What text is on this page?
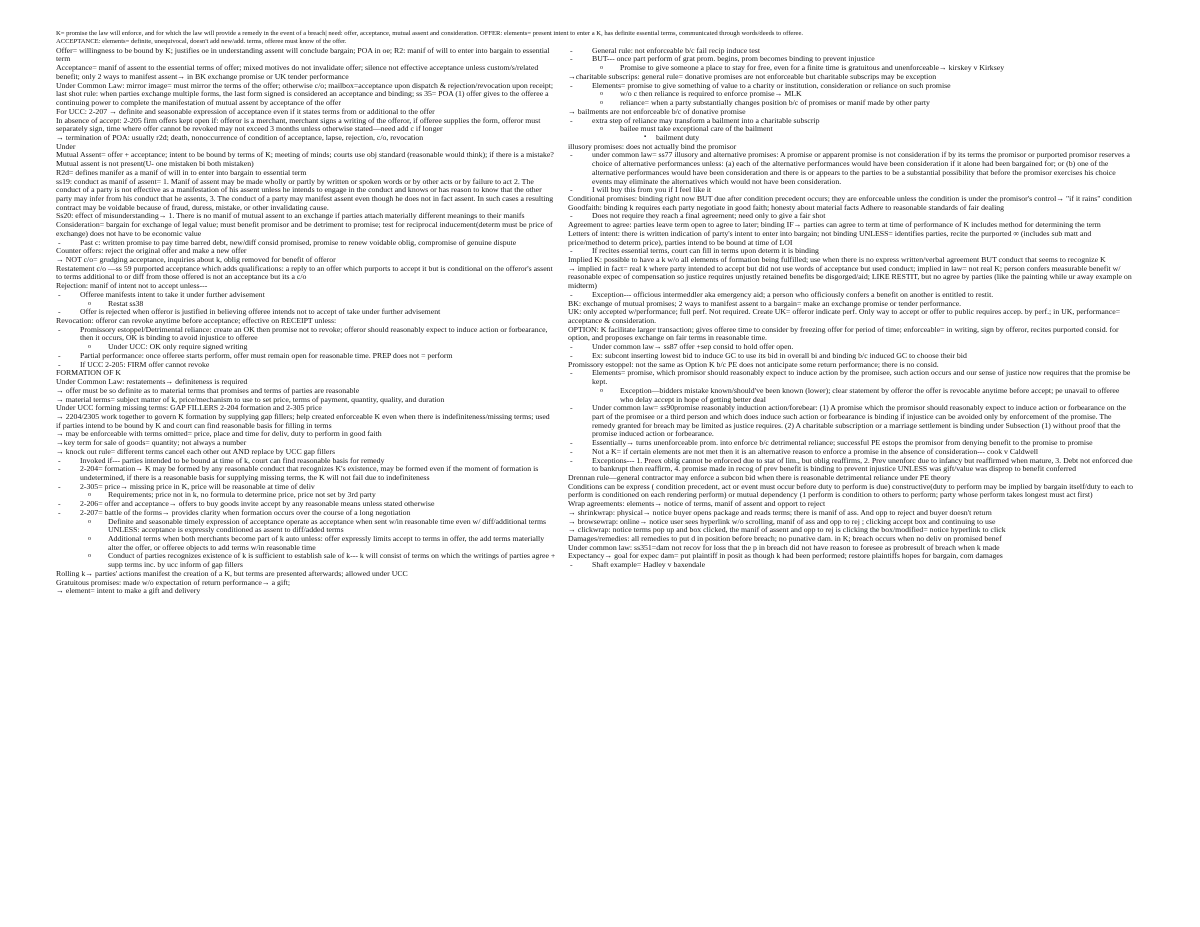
K= promise the law will enforce, and for which the law will provide a remedy in the event of a breach| need: offer, acceptance, mutual assent and consideration. OFFER: elements= present intent to enter a K, has definite essential terms, communicated through words/deeds to offeree.

ACCEPTANCE: elements= definite, unequivocal, doesn't add new/add. terms, offeree must know of the offer.

Offer= willingness to be bound by K; justifies oe in understanding assent will conclude bargain; POA in oe; R2: manif of will to enter into bargain to essential term

Acceptance= manif of assent to the essential terms of offer; mixed motives do not invalidate offer; silence not effective acceptance unless custom/s/related benefit; only 2 ways to manifest assent→ in BK exchange promise or UK tender performance

Under Common Law: mirror image= must mirror the terms of the offer; otherwise c/o; mailbox=acceptance upon dispatch & rejection/revocation upon receipt; last shot rule: when parties exchange multiple forms, the last form signed is considered an acceptance and binding; ss 35= POA (1) offer gives to the offeree a continuing power to complete the manifestation of mutual assent by acceptance of the offer

For UCC: 2-207 → definite and seasonable expression of acceptance even if it states terms from or additional to the offer

In absence of accept: 2-205 firm offers kept open if: offeror is a merchant, merchant signs a writing of the offeror, if offeree supplies the form, offeror must separately sign, time where offer cannot be revoked may not exceed 3 months unless otherwise stated—need add c if longer

→ termination of POA: usually r2d; death, nonoccurrence of condition of acceptance, lapse, rejection, c/o, revocation

Under

Mutual Assent= offer + acceptance; intent to be bound by terms of K; meeting of minds; courts use obj standard (reasonable would think); if there is a mistake? Mutual assent is not present(U- one mistaken bi both mistaken)

R2d= defines manifer as a manif of will in to enter into bargain to essential term

ss19: conduct as manif of assent= 1. Manif of assent may be made wholly or partly by written or spoken words or by other acts or by failure to act 2. The conduct of a party is not effective as a manifestation of his assent unless he intends to engage in the conduct and knows or has reason to know that the other party may infer from his conduct that he assents, 3. The conduct of a party may manifest assent even though he does not in fact assent. In such cases a resulting contract may be voidable because of fraud, duress, mistake, or other invalidating cause.

Ss20: effect of misunderstanding→ 1. There is no manif of mutual assent to an exchange if parties attach materially different meanings to their manifs

Consideration= bargain for exchange of legal value; must benefit promisor and be detriment to promise; test for reciprocal inducement(determ must be price of exchange) does not have to be economic value

- Past c: written promise to pay time barred debt, new/diff consid promised, promise to renew voidable oblig, compromise of genuine dispute

Counter offers: reject the original offer and make a new offer

→ NOT c/o= grudging acceptance, inquiries about k, oblig removed for benefit of offeror

Restatement c/o —ss 59 purported acceptance which adds qualifications: a reply to an offer which purports to accept it but is conditional on the offeror's assent to terms additional to or diff from those offered is not an acceptance but its a c/o

Rejection: manif of intent not to accept unless---

- Offeree manifests intent to take it under further advisement

o Restat ss38

- Offer is rejected when offeror is justified in believing offeree intends not to accept of take under further advisement

Revocation: offeror can revoke anytime before acceptance; effective on RECEIPT unless:

- Promissory estoppel/Detrimental reliance: create an OK then promise not to revoke; offeror should reasonably expect to induce action or forbearance, then it occurs, OK is binding to avoid injustice to offeree

o Under UCC: OK only require signed writing

- Partial performance: once offeree starts perform, offer must remain open for reasonable time. PREP does not = perform

- If UCC 2-205: FIRM offer cannot revoke

FORMATION OF K

Under Common Law: restatements→ definiteness is required

→ offer must be so definite as to material terms that promises and terms of parties are reasonable

→ material terms= subject matter of k, price/mechanism to use to set price, terms of payment, quantity, quality, and duration

Under UCC forming missing terms: GAP FILLERS 2-204 formation and 2-305 price

→ 2204/2305 work together to govern K formation by supplying gap fillers; help created enforceable K even when there is indefiniteness/missing terms; used if parties intend to be bound by K and court can find reasonable basis for filling in terms

→ may be enforceable with terms omitted= price, place and time for deliv, duty to perform in good faith

→key term for sale of goods= quantity; not always a number

→ knock out rule= different terms cancel each other out AND replace by UCC gap fillers

- Invoked if--- parties intended to be bound at time of k, court can find reasonable basis for remedy

- 2-204= formation→ K may be formed by any reasonable conduct that recognizes K's existence, may be formed even if the moment of formation is undetermined, if there is a reasonable basis for supplying missing terms, the K will not fail due to indefiniteness

- 2-305= price→ missing price in K, price will be reasonable at time of deliv

o Requirements; price not in k, no formula to determine price, price not set by 3rd party

- 2-206= offer and acceptance→ offers to buy goods invite accept by any reasonable means unless stated otherwise

- 2-207= battle of the forms→ provides clarity when formation occurs over the course of a long negotiation

o Definite and seasonable timely expression of acceptance operate as acceptance when sent w/in reasonable time even w/ diff/additional terms UNLESS: acceptance is expressly conditioned as assent to diff/added terms

o Additional terms when both merchants become part of k auto unless: offer expressly limits accept to terms in offer, the add terms materially alter the offer, or offeree objects to add terms w/in reasonable time

o Conduct of parties recognizes existence of k is sufficient to establish sale of k--- k will consist of terms on which the writings of parties agree + supp terms inc. by ucc inform of gap fillers

Rolling k→ parties' actions manifest the creation of a K, but terms are presented afterwards; allowed under UCC

Gratuitous promises: made w/o expectation of return performance→ a gift;

→ element= intent to make a gift and delivery

- General rule: not enforceable b/c fail recip induce test

- BUT--- once part perform of grat prom. begins, prom becomes binding to prevent injustice

o Promise to give someone a place to stay for free, even for a finite time is gratuitous and unenforceable→ kirskey v Kirksey

→charitable subscrips: general rule= donative promises are not enforceable but charitable subscrips may be exception

- Elements= promise to give something of value to a charity or institution, consideration or reliance on such promise

o w/o c then reliance is required to enforce promise→ MLK

o reliance= when a party substantially changes position b/c of promises or manif made by other party

→ bailments are not enforceable b/c of donative promise

- extra step of reliance may transform a bailment into a charitable subscrip

o bailee must take exceptional care of the bailment

▪ bailment duty

illusory promises: does not actually bind the promisor

- under common law= ss77 illusory and alternative promises: A promise or apparent promise is not consideration if by its terms the promisor or purported promisor reserves a choice of alternative performances unless: (a) each of the alternative performances would have been consideration if it alone had been bargained for; or (b) one of the alternative performances would have been consideration and there is or appears to the parties to be a substantial possibility that before the promisor exercises his choice events may eliminate the alternatives which would not have been consideration.

- I will buy this from you if I feel like it

Conditional promises: binding right now BUT due after condition precedent occurs; they are enforceable unless the condition is under the promisor's control→ "if it rains" condition

Goodfaith: binding k requires each party negotiate in good faith; honesty about material facts Adhere to reasonable standards of fair dealing

- Does not require they reach a final agreement; need only to give a fair shot

Agreement to agree: parties leave term open to agree to later; binding IF→ parties can agree to term at time of performance of K includes method for determining the term

Letters of intent: there is written indication of party's intent to enter into bargain; not binding UNLESS= identifies parties, recite the purported ∞ (includes sub matt and price/method to determ price), parties intend to be bound at time of LOI

- If recites essential terms, court can fill in terms upon determ it is binding

Implied K: possible to have a k w/o all elements of formation being fulfilled; use when there is no express written/verbal agreement BUT conduct that seems to recognize K

→ implied in fact= real k where party intended to accept but did not use words of acceptance but used conduct; implied in law= not real K; person confers measurable benefit w/ reasonable expec of compensation so justice requires unjustly retained benefits be disgorged/aid; LIKE RESTIT, but no agree by parties (like the painting while ur away example on midterm)

- Exception--- officious intermeddler aka emergency aid; a person who officiously confers a benefit on another is entitled to restit.

BK: exchange of mutual promises; 2 ways to manifest assent to a bargain= make an exchange promise or tender performance.

UK: only accepted w/performance; full perf. Not required. Create UK= offeror indicate perf. Only way to accept or offer to public requires accep. by perf.; in UK, performance= acceptance & consideration.

OPTION: K facilitate larger transaction; gives offeree time to consider by freezing offer for period of time; enforceable= in writing, sign by offeror, recites purported consid. for option, and proposes exchange on fair terms in reasonable time.

- Under common law→ ss87 offer +sep consid to hold offer open.

- Ex: subcont inserting lowest bid to induce GC to use its bid in overall bi and binding b/c induced GC to choose their bid

Promissory estoppel: not the same as Option K b/c PE does not anticipate some return performance; there is no consid.

- Elements= promise, which promisor should reasonably expect to induce action by the promisee, such action occurs and our sense of justice now requires that the promise be kept.

o Exception—bidders mistake known/should've been known (lower); clear statement by offeror the offer is revocable anytime before accept; pe unavail to offeree who delay accept in hope of getting better deal

- Under common law= ss90promise reasonably induction action/forebear: (1) A promise which the promisor should reasonably expect to induce action or forbearance on the part of the promisee or a third person and which does induce such action or forbearance is binding if injustice can be avoided only by enforcement of the promise. The remedy granted for breach may be limited as justice requires. (2) A charitable subscription or a marriage settlement is binding under Subsection (1) without proof that the promise induced action or forbearance.

- Essentially→ turns unenforceable prom. into enforce b/c detrimental reliance; successful PE estops the promisor from denying benefit to the promise to promise

- Not a K= if certain elements are not met then it is an alternative reason to enforce a promise in the absence of consideration--- cook v Caldwell

- Exceptions--- 1. Preex oblig cannot be enforced due to stat of lim., but oblig reaffirms, 2. Prev unenforc due to infancy but reaffirmed when mature, 3. Debt not enforced due to bankrupt then reaffirm, 4. promise made in recog of prev benefit is binding to prevent injustice UNLESS was gift/value was disprop to benefit conferred

Drennan rule—general contractor may enforce a subcon bid when there is reasonable detrimental reliance under PE theory

Conditions can be express ( condition precedent, act or event must occur before duty to perform is due) constructive(duty to perform may be implied by bargain itself/duty to each to perform is conditioned on each rendering perform) or mutual dependency (1 perform is condition to others to perform; party whose perform takes longest must act first)

Wrap agreements: elements→ notice of terms, manif of assent and opport to reject

→ shrinkwrap: physical→ notice buyer opens package and reads terms; there is manif of ass. And opp to reject and buyer doesn't return

→ browsewrap: online→ notice user sees hyperlink w/o scrolling, manif of ass and opp to rej ; clicking accept box and continuing to use

→ clickwrap: notice terms pop up and box clicked, the manif of assent and opp to rej is clicking the box/modified= notice hyperlink to click

Damages/remedies: all remedies to put d in position before breach; no punative dam. in K; breach occurs when no deliv on promised benef

Under common law: ss351=dam not recov for loss that the p in breach did not have reason to foresee as probresult of breach when k made

Expectancy→ goal for expec dam= put plaintiff in posit as though k had been performed; restore plaintiffs hopes for bargain, com damages

- Shaft example= Hadley v baxendale
